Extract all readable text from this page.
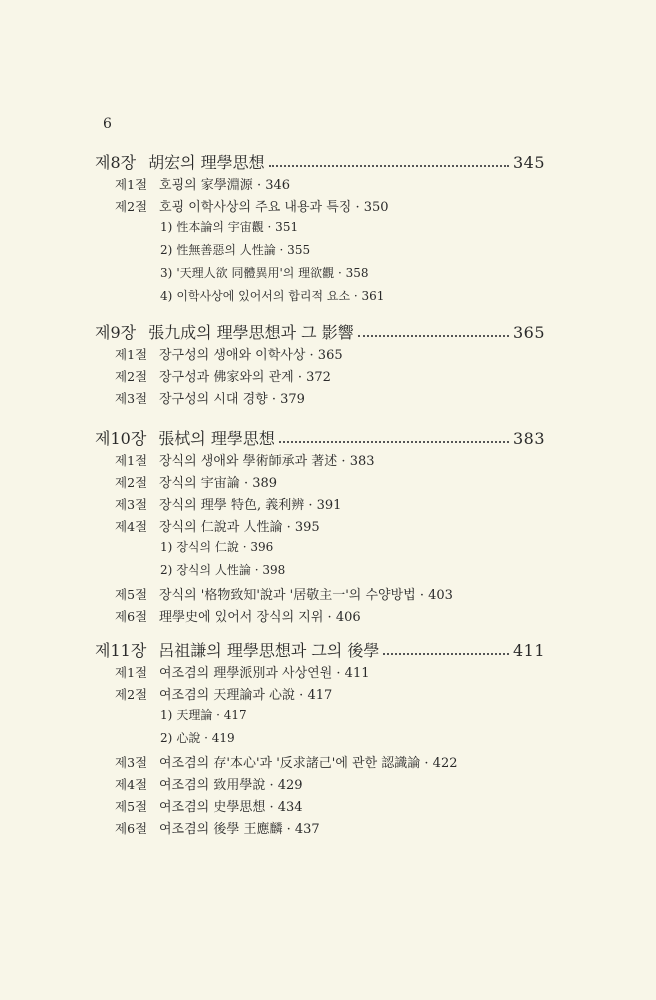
6
제8장 胡宏의 理學思想	345
제1절 호굉의 家學淵源 · 346
제2절 호굉 이학사상의 주요 내용과 특징 · 350
1) 性本論의 宇宙觀 · 351
2) 性無善惡의 人性論 · 355
3) '天理人欲 同體異用'의 理欲觀 · 358
4) 이학사상에 있어서의 합리적 요소 · 361
제9장 張九成의 理學思想과 그 影響	365
제1절 장구성의 생애와 이학사상 · 365
제2절 장구성과 佛家와의 관계 · 372
제3절 장구성의 시대 경향 · 379
제10장 張栻의 理學思想	383
제1절 장식의 생애와 學術師承과 著述 · 383
제2절 장식의 宇宙論 · 389
제3절 장식의 理學 特色, 義利辨 · 391
제4절 장식의 仁說과 人性論 · 395
1) 장식의 仁說 · 396
2) 장식의 人性論 · 398
제5절 장식의 '格物致知'說과 '居敬主一'의 수양방법 · 403
제6절 理學史에 있어서 장식의 지위 · 406
제11장 呂祖謙의 理學思想과 그의 後學	411
제1절 여조겸의 理學派別과 사상연원 · 411
제2절 여조겸의 天理論과 心說 · 417
1) 天理論 · 417
2) 心說 · 419
제3절 여조겸의 存'本心'과 '反求諸己'에 관한 認識論 · 422
제4절 여조겸의 致用學說 · 429
제5절 여조겸의 史學思想 · 434
제6절 여조겸의 後學 王應麟 · 437
